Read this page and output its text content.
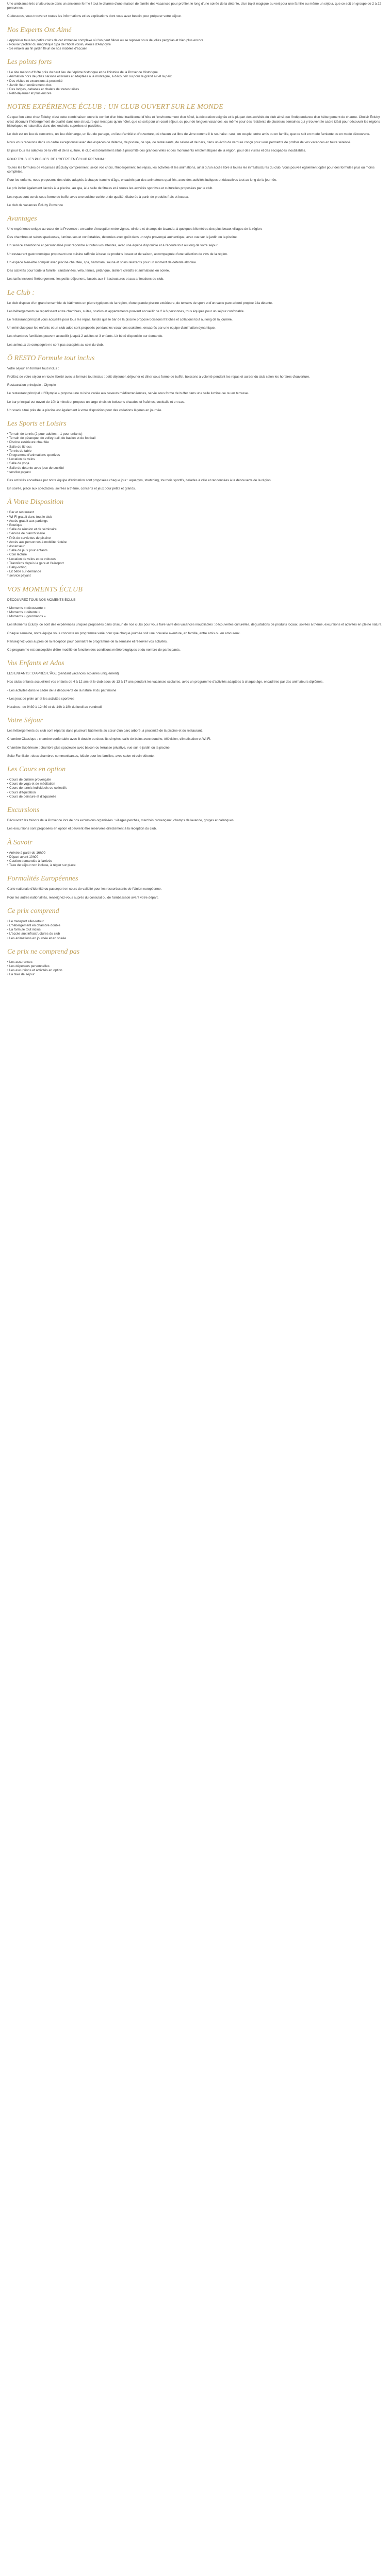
Une ambiance très chaleureuse dans un ancienne ferme ! tout le charme d'une maison de famille des vacances pour profiter, le long d'une soirée de la détente, d'un trajet magique au vert pour une famille ou même un séjour, que ce soit en groupe de 2 à 22 personnes.

Ci-dessous, vous trouverez toutes les informations et les explications dont vous avez besoin pour préparer votre séjour.

Nos Experts Ont Aimé
• Apprécier tous les petits coins de cet immense complexe où l'on peut flâner ou se reposer sous de jolies pergolas et bien plus encore
• Pouvoir profiter du magnifique Spa de l'hôtel voisin, Aïeuls d'Ampoyre
• Se relaxer au fin jardin fleuri de nos mobiles d'accueil
Les points forts
• Le site maison d'Hôte près du haut lieu de l'Apôtre historique et de l'histoire de la Provence Historique
• Animation hors de jolies saisons estivales et adaptées à la montagne, à découvrir ou pour le grand air et la paix
• Des visites et excursions à proximité
• Jardin fleuri entièrement clos
• Des lodges, cabanes et chalets de toutes tailles
• Petit-déjeuner et plus encore
NOTRE EXPÉRIENCE ÉCLUB : UN CLUB OUVERT SUR LE MONDE

Ce que l'on aime chez Écluby, c'est cette combinaison entre le confort d'un hôtel traditionnel d'hôte et l'environnement d'un hôtel, la décoration soignée et la plupart des activités du club ainsi que l'indépendance d'un hébergement de charme. Choisir Écluby, c'est découvrir l'hébergement de qualité dans une structure qui n'est pas qu'un hôtel, que ce soit pour un court séjour, ou pour de longues vacances, ou même pour des résidents de plusieurs semaines qui y trouvent le cadre idéal pour découvrir les régions historiques et naturelles dans des endroits superbes et paisibles.

Le club est un lieu de rencontre, un lieu d'échange, un lieu de partage, un lieu d'amitié et d'ouverture, où chacun est libre de vivre comme il le souhaite : seul, en couple, entre amis ou en famille, que ce soit en mode farniente ou en mode découverte.

Nous vous recevons dans un cadre exceptionnel avec des espaces de détente, de piscine, de spa, de restaurants, de salons et de bars, dans un écrin de verdure conçu pour vous permettre de profiter de vos vacances en toute sérénité.

Et pour tous les adeptes de la ville et de la culture, le club est idéalement situé à proximité des grandes villes et des monuments emblématiques de la région, pour des visites et des escapades inoubliables.

POUR TOUS LES PUBLICS. DE L'OFFRE EN ÉCLUB PREMIUM !

Toutes les formules de vacances d'Écluby comprennent, selon vos choix, l'hébergement, les repas, les activités et les animations, ainsi qu'un accès libre à toutes les infrastructures du club. Vous pouvez également opter pour des formules plus ou moins complètes.

Pour les enfants, nous proposons des clubs adaptés à chaque tranche d'âge, encadrés par des animateurs qualifiés, avec des activités ludiques et éducatives tout au long de la journée.

Le prix inclut également l'accès à la piscine, au spa, à la salle de fitness et à toutes les activités sportives et culturelles proposées par le club.

Les repas sont servis sous forme de buffet avec une cuisine variée et de qualité, élaborée à partir de produits frais et locaux.

Le club de vacances Écluby Provence

Avantages

Une expérience unique au cœur de la Provence : un cadre d'exception entre vignes, oliviers et champs de lavande, à quelques kilomètres des plus beaux villages de la région.

Des chambres et suites spacieuses, lumineuses et confortables, décorées avec goût dans un style provençal authentique, avec vue sur le jardin ou la piscine.

Un service attentionné et personnalisé pour répondre à toutes vos attentes, avec une équipe disponible et à l'écoute tout au long de votre séjour.

Un restaurant gastronomique proposant une cuisine raffinée à base de produits locaux et de saison, accompagnée d'une sélection de vins de la région.

Un espace bien-être complet avec piscine chauffée, spa, hammam, sauna et soins relaxants pour un moment de détente absolue.

Des activités pour toute la famille : randonnées, vélo, tennis, pétanque, ateliers créatifs et animations en soirée.

Les tarifs incluent l'hébergement, les petits-déjeuners, l'accès aux infrastructures et aux animations du club.

Le Club :

Le club dispose d'un grand ensemble de bâtiments en pierre typiques de la région, d'une grande piscine extérieure, de terrains de sport et d'un vaste parc arboré propice à la détente.

Les hébergements se répartissent entre chambres, suites, studios et appartements pouvant accueillir de 2 à 6 personnes, tous équipés pour un séjour confortable.

Le restaurant principal vous accueille pour tous les repas, tandis que le bar de la piscine propose boissons fraîches et collations tout au long de la journée.

Un mini-club pour les enfants et un club ados sont proposés pendant les vacances scolaires, encadrés par une équipe d'animation dynamique.

Les chambres familiales peuvent accueillir jusqu'à 2 adultes et 3 enfants. Lit bébé disponible sur demande.

Les animaux de compagnie ne sont pas acceptés au sein du club.

Ô RESTO Formule tout inclus

Votre séjour en formule tout inclus :

Profitez de votre séjour en toute liberté avec la formule tout inclus : petit-déjeuner, déjeuner et dîner sous forme de buffet, boissons à volonté pendant les repas et au bar du club selon les horaires d'ouverture.

Restauration principale - Olympie

Le restaurant principal « l'Olympie » propose une cuisine variée aux saveurs méditerranéennes, servie sous forme de buffet dans une salle lumineuse ou en terrasse.

Le bar principal est ouvert de 10h à minuit et propose un large choix de boissons chaudes et fraîches, cocktails et en-cas.

Un snack situé près de la piscine est également à votre disposition pour des collations légères en journée.

Les Sports et Loisirs
• Terrain de tennis (2 pour adultes – 1 pour enfants)
• Terrain de pétanque, de volley-ball, de basket et de football
• Piscine extérieure chauffée
• Salle de fitness
• Tennis de table
• Programme d'animations sportives
• Location de vélos
• Salle de yoga
• Salle de détente avec jeux de société
* service payant

Des activités encadrées par notre équipe d'animation sont proposées chaque jour : aquagym, stretching, tournois sportifs, balades à vélo et randonnées à la découverte de la région.

En soirée, place aux spectacles, soirées à thème, concerts et jeux pour petits et grands.

À Votre Disposition
• Bar et restaurant
• Wi-Fi gratuit dans tout le club
• Accès gratuit aux parkings
• Boutique
• Salle de réunion et de séminaire
• Service de blanchisserie
• Prêt de serviettes de piscine
• Accès aux personnes à mobilité réduite
• Ascenseur
• Salle de jeux pour enfants
• Coin lecture
• Location de vélos et de voitures
• Transferts depuis la gare et l'aéroport
• Baby-sitting
• Lit bébé sur demande
* service payant
VOS MOMENTS ÉCLUB

DÉCOUVREZ TOUS NOS MOMENTS ÉCLUB

• Moments « découverte »
• Moments « détente »
• Moments « gourmands »

Les Moments Écluby, ce sont des expériences uniques proposées dans chacun de nos clubs pour vous faire vivre des vacances inoubliables : découvertes culturelles, dégustations de produits locaux, soirées à thème, excursions et activités en pleine nature.

Chaque semaine, notre équipe vous concocte un programme varié pour que chaque journée soit une nouvelle aventure, en famille, entre amis ou en amoureux.

Renseignez-vous auprès de la réception pour connaître le programme de la semaine et réserver vos activités.

Ce programme est susceptible d'être modifié en fonction des conditions météorologiques et du nombre de participants.

Vos Enfants et Ados

LES ENFANTS : D'APRÈS L'ÂGE (pendant vacances scolaires uniquement)

Nos clubs enfants accueillent vos enfants de 4 à 12 ans et le club ados de 13 à 17 ans pendant les vacances scolaires, avec un programme d'activités adaptées à chaque âge, encadrées par des animateurs diplômés.

• Les activités dans le cadre de la découverte de la nature et du patrimoine

• Les jeux de plein air et les activités sportives

Horaires : de 9h30 à 12h30 et de 14h à 18h du lundi au vendredi

Votre Séjour

Les hébergements du club sont répartis dans plusieurs bâtiments au cœur d'un parc arboré, à proximité de la piscine et du restaurant.

Chambre Classique : chambre confortable avec lit double ou deux lits simples, salle de bains avec douche, télévision, climatisation et Wi-Fi.

Chambre Supérieure : chambre plus spacieuse avec balcon ou terrasse privative, vue sur le jardin ou la piscine.

Suite Familiale : deux chambres communicantes, idéale pour les familles, avec salon et coin détente.

Les Cours en option
• Cours de cuisine provençale
• Cours de yoga et de méditation
• Cours de tennis individuels ou collectifs
• Cours d'équitation
• Cours de peinture et d'aquarelle
Excursions

Découvrez les trésors de la Provence lors de nos excursions organisées : villages perchés, marchés provençaux, champs de lavande, gorges et calanques.

Les excursions sont proposées en option et peuvent être réservées directement à la réception du club.

À Savoir
• Arrivée à partir de 16h00
• Départ avant 10h00
• Caution demandée à l'arrivée
• Taxe de séjour non incluse, à régler sur place
Formalités Européennes

Carte nationale d'identité ou passeport en cours de validité pour les ressortissants de l'Union européenne.

Pour les autres nationalités, renseignez-vous auprès du consulat ou de l'ambassade avant votre départ.

Ce prix comprend
• Le transport aller-retour
• L'hébergement en chambre double
• La formule tout inclus
• L'accès aux infrastructures du club
• Les animations en journée et en soirée
Ce prix ne comprend pas
• Les assurances
• Les dépenses personnelles
• Les excursions et activités en option
• La taxe de séjour
